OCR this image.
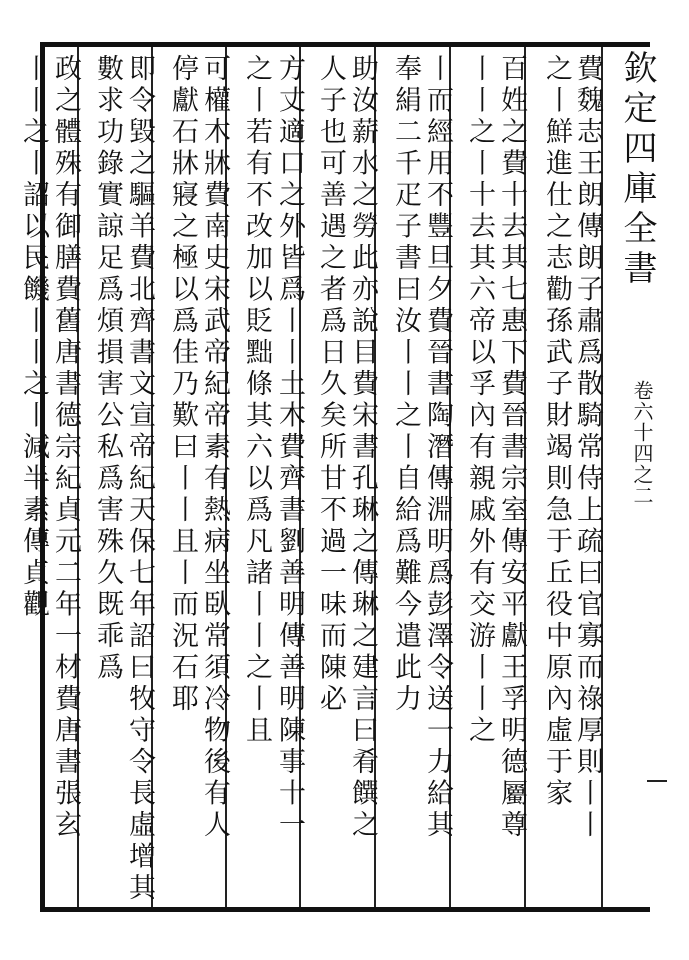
欽定四庫全書
卷六十四之二
費魏志王朗傳朗子肅爲散騎常侍上疏曰官寡而祿厚則丨丨
之丨鮮進仕之志勸孫武子財竭則急于丘役中原內虛于家
百姓之費十去其七惠下費晉書宗室傳安平獻王孚明德屬尊
丨丨之丨十去其六帝以孚內有親戚外有交游丨丨之
丨而經用不豐旦夕費晉書陶潛傳淵明爲彭澤令送一力給其
奉絹二千疋子書曰汝丨丨之丨自給爲難今遣此力
助汝薪水之勞此亦說目費宋書孔琳之傳琳之建言曰肴饌之
人子也可善遇之者爲日久矣所甘不過一味而陳必
方丈適口之外皆爲丨丨土木費齊書劉善明傳善明陳事十一
之丨若有不改加以貶黜條其六以爲凡諸丨丨之丨且
可權木牀費南史宋武帝紀帝素有熱病坐臥常須冷物後有人
停獻石牀寢之極以爲佳乃歎曰丨丨且丨而況石耶
即令毀之驅羊費北齊書文宣帝紀天保七年詔曰牧守令長虛增其
數求功錄實諒足爲煩損害公私爲害殊久既乖爲
政之體殊有御膳費舊唐書德宗紀貞元二年一材費唐書張玄
丨丨之丨詔以民饑丨丨之丨減半素傳貞觀
